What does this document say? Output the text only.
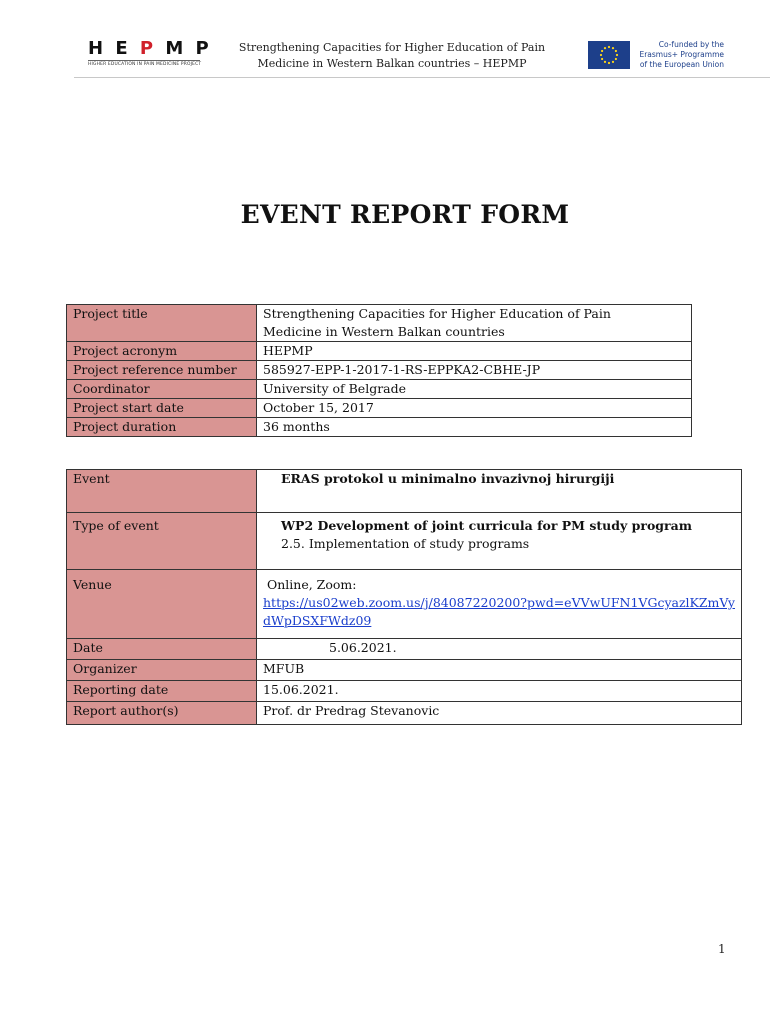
H E P M P
HIGHER EDUCATION IN PAIN MEDICINE PROJECT
Strengthening Capacities for Higher Education of Pain
Medicine in Western Balkan countries – HEPMP
Co-funded by the
Erasmus+ Programme
of the European Union
EVENT REPORT FORM
Project title	Strengthening Capacities for Higher Education of Pain
Medicine in Western Balkan countries

Project acronym	HEPMP
Project reference number	585927-EPP-1-2017-1-RS-EPPKA2-CBHE-JP
Coordinator	University of Belgrade
Project start date	October 15, 2017
Project duration	36 months
Event	ERAS protokol u minimalno invazivnoj hirurgiji
Type of event	WP2 Development of joint curricula for PM study program
2.5. Implementation of study programs

Venue	Online, Zoom:
https://us02web.zoom.us/j/84087220200?pwd=eVVwUFN1VGcyazlKZmVydWpDSXFWdz09

Date	5.06.2021.
Organizer	MFUB
Reporting date	15.06.2021.
Report author(s)	Prof. dr Predrag Stevanovic
1
